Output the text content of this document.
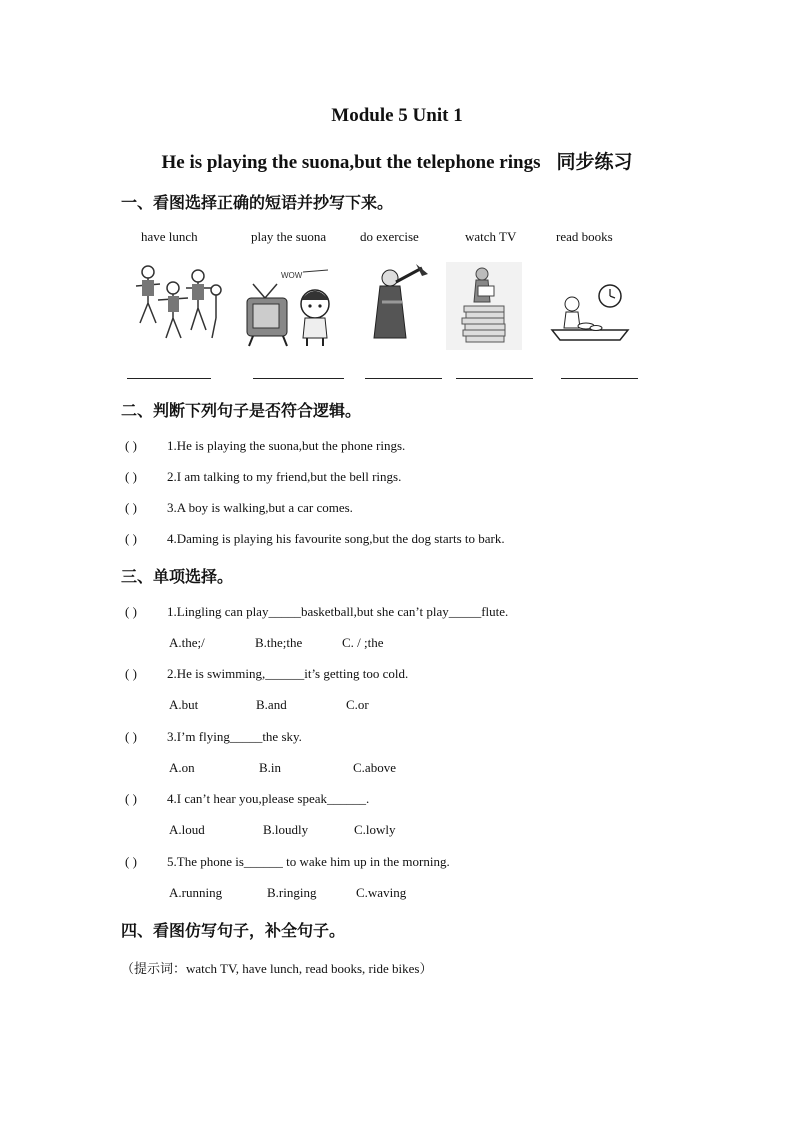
Module 5 Unit 1
He is playing the suona,but the telephone rings 同步练习
一、看图选择正确的短语并抄写下来。
have lunch	play the suona	do exercise	watch TV	read books
WOW
二、判断下列句子是否符合逻辑。
( ) 1.He is playing the suona,but the phone rings.
( ) 2.I am talking to my friend,but the bell rings.
( ) 3.A boy is walking,but a car comes.
( ) 4.Daming is playing his favourite song,but the dog starts to bark.
三、单项选择。
( ) 1.Lingling can play_____basketball,but she can’t play_____flute.
A.the;/	B.the;the	C. / ;the
( ) 2.He is swimming,______it’s getting too cold.
A.but	B.and	C.or
( ) 3.I’m flying_____the sky.
A.on	B.in	C.above
( ) 4.I can’t hear you,please speak______.
A.loud	B.loudly	C.lowly
( ) 5.The phone is______ to wake him up in the morning.
A.running	B.ringing	C.waving
四、看图仿写句子，补全句子。
（提示词：watch TV, have lunch, read books, ride bikes）
